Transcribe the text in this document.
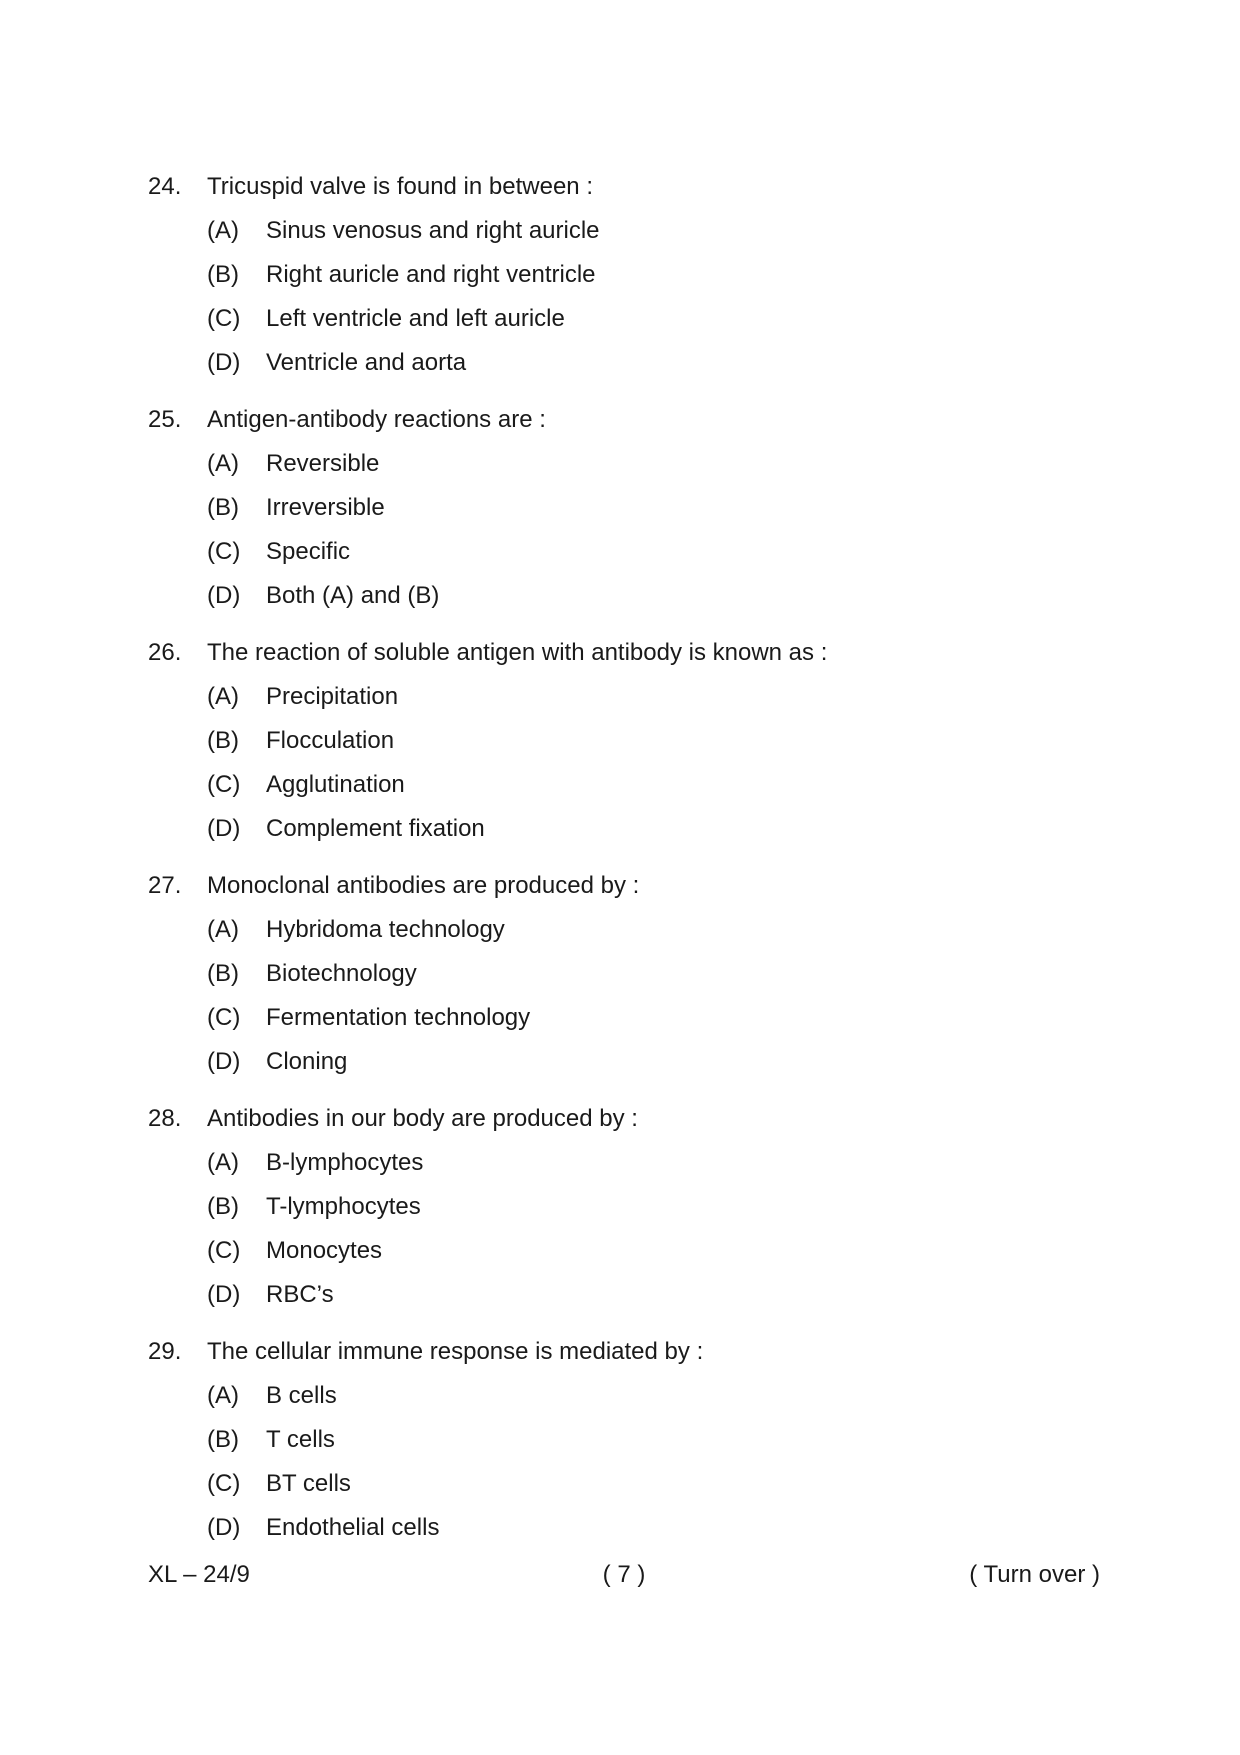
24.	Tricuspid valve is found in between :
(A)	Sinus venosus and right auricle
(B)	Right auricle and right ventricle
(C)	Left ventricle and left auricle
(D)	Ventricle and aorta
25.	Antigen-antibody reactions are :
(A)	Reversible
(B)	Irreversible
(C)	Specific
(D)	Both (A) and (B)
26.	The reaction of soluble antigen with antibody is known as :
(A)	Precipitation
(B)	Flocculation
(C)	Agglutination
(D)	Complement fixation
27.	Monoclonal antibodies are produced by :
(A)	Hybridoma technology
(B)	Biotechnology
(C)	Fermentation technology
(D)	Cloning
28.	Antibodies in our body are produced by :
(A)	B-lymphocytes
(B)	T-lymphocytes
(C)	Monocytes
(D)	RBC’s
29.	The cellular immune response is mediated by :
(A)	B cells
(B)	T cells
(C)	BT cells
(D)	Endothelial cells
XL – 24/9	( 7 )	( Turn over )
